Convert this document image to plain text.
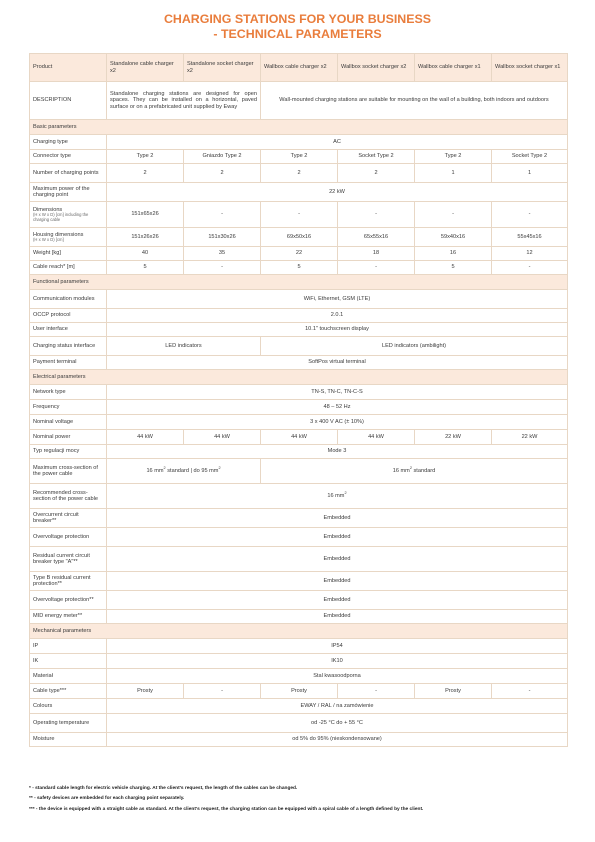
CHARGING STATIONS FOR YOUR BUSINESS
- TECHNICAL PARAMETERS
Product	Standalone cable charger x2	Standalone socket charger x2	Wallbox cable charger x2	Wallbox socket charger x2	Wallbox cable charger x1	Wallbox socket charger x1
DESCRIPTION	Standalone charging stations are designed for open spaces. They can be installed on a horizontal, paved surface or on a prefabricated unit supplied by Eway		Wall-mounted charging stations are suitable for mounting on the wall of a building, both indoors and outdoors			
Basic parameters						
Charging type	AC					
Connector type	Type 2	Gniazdo Type 2	Type 2	Socket Type 2	Type 2	Socket Type 2
Number of charging points	2	2	2	2	1	1
Maximum power of the charging point	22 kW					
Dimensions
(H x W x D) [cm] including the charging cable	151x65x26	-	-	-	-	-
Housing dimensions
(H x W x D) [cm]	151x26x26	151x30x26	69x50x16	65x55x16	59x40x16	55x45x16
Weight [kg]	40	35	22	18	16	12
Cable reach* [m]	5	-	5	-	5	-
Functional parameters						
Communication modules	WiFi, Ethernet, GSM (LTE)					
OCCP protocol	2.0.1					
User interface	10.1" touchscreen display					
Charging status interface	LED indicators		LED indicators (ambilight)			
Payment terminal	SoftPos virtual terminal					
Electrical parameters						
Network type	TN-S, TN-C, TN-C-S					
Frequency	48 – 52 Hz					
Nominal voltage	3 x 400 V AC (± 10%)					
Nominal power	44 kW	44 kW	44 kW	44 kW	22 kW	22 kW
Typ regulacji mocy	Mode 3					
Maximum cross-section of the power cable	16 $mm^2$ standard | do 95 $mm^2$		16 $mm^2$ standard			
Recommended cross-section of the power cable	16 $mm^2$
Overcurrent circuit breaker**	Embedded					
Overvoltage protection	Embedded					
Residual current circuit breaker type "A"**	Embedded					
Type B residual current protection**	Embedded					
Overvoltage protection**	Embedded					
MID energy meter**	Embedded					
Mechanical parameters						
IP	IP54					
IK	IK10					
Materiał	Stal kwasoodporna					
Cable type***	Prosty	-	Prosty	-	Prosty	-
Colours	EWAY / RAL / na zamówienie					
Operating temperature	od -25 °C do + 55 °C					
Moisture	od 5% do 95% (nieskondensowane)					
* - standard cable length for electric vehicle charging. At the client's request, the length of the cables can be changed.
** - safety devices are embedded for each charging point separately.
*** - the device is equipped with a straight cable as standard. At the client's request, the charging station can be equipped with a spiral cable of a length defined by the client.
